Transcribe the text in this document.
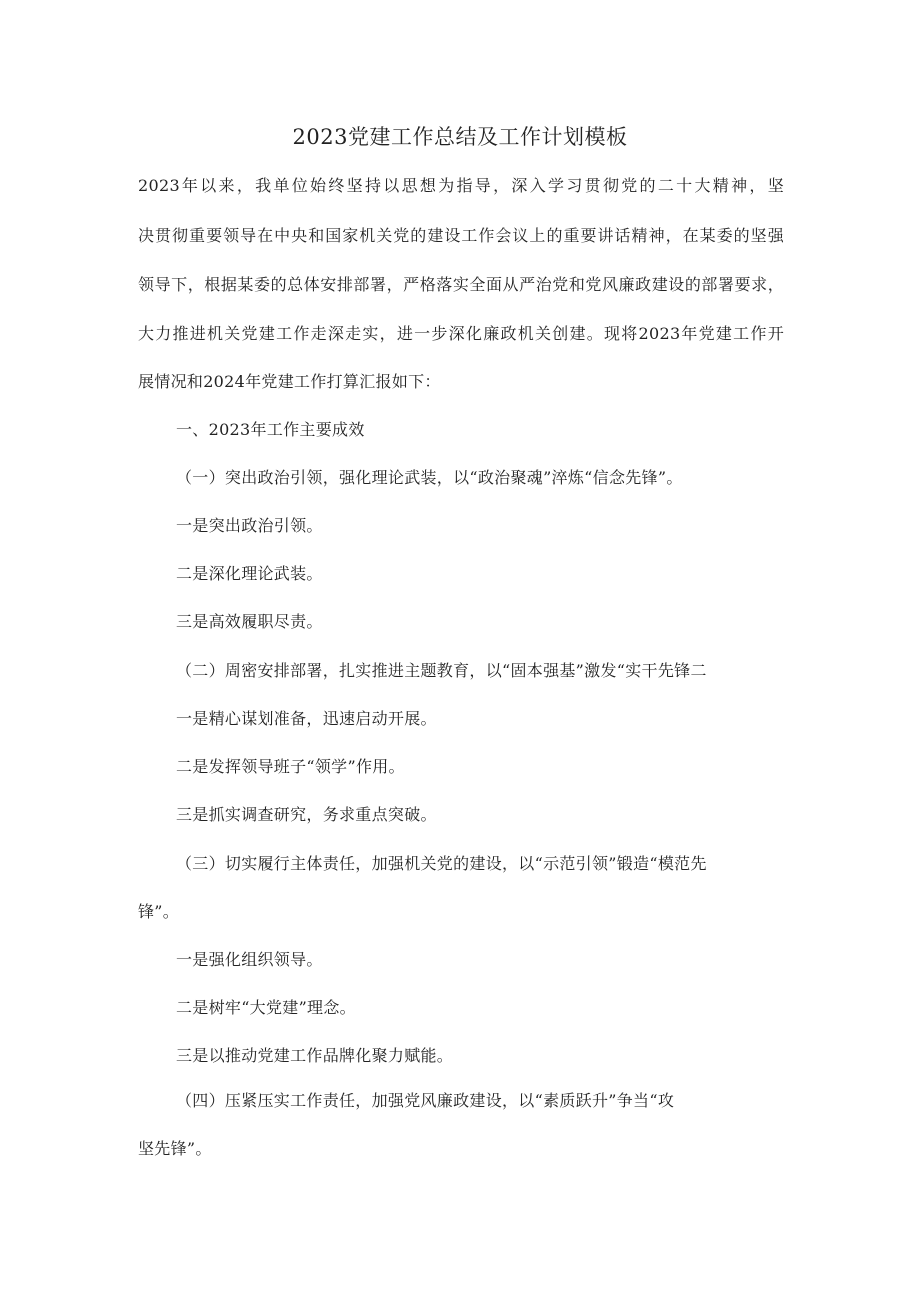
2023党建工作总结及工作计划模板
2023年以来，我单位始终坚持以思想为指导，深入学习贯彻党的二十大精神，坚
决贯彻重要领导在中央和国家机关党的建设工作会议上的重要讲话精神，在某委的坚强
领导下，根据某委的总体安排部署，严格落实全面从严治党和党风廉政建设的部署要求，
大力推进机关党建工作走深走实，进一步深化廉政机关创建。现将2023年党建工作开
展情况和2024年党建工作打算汇报如下：
一、2023年工作主要成效
（一）突出政治引领，强化理论武装，以“政治聚魂”淬炼“信念先锋”。
一是突出政治引领。
二是深化理论武装。
三是高效履职尽责。
（二）周密安排部署，扎实推进主题教育，以“固本强基”激发“实干先锋二
一是精心谋划准备，迅速启动开展。
二是发挥领导班子“领学”作用。
三是抓实调查研究，务求重点突破。
（三）切实履行主体责任，加强机关党的建设，以“示范引领”锻造“模范先
锋”。
一是强化组织领导。
二是树牢“大党建”理念。
三是以推动党建工作品牌化聚力赋能。
（四）压紧压实工作责任，加强党风廉政建设，以“素质跃升”争当“攻
坚先锋”。
